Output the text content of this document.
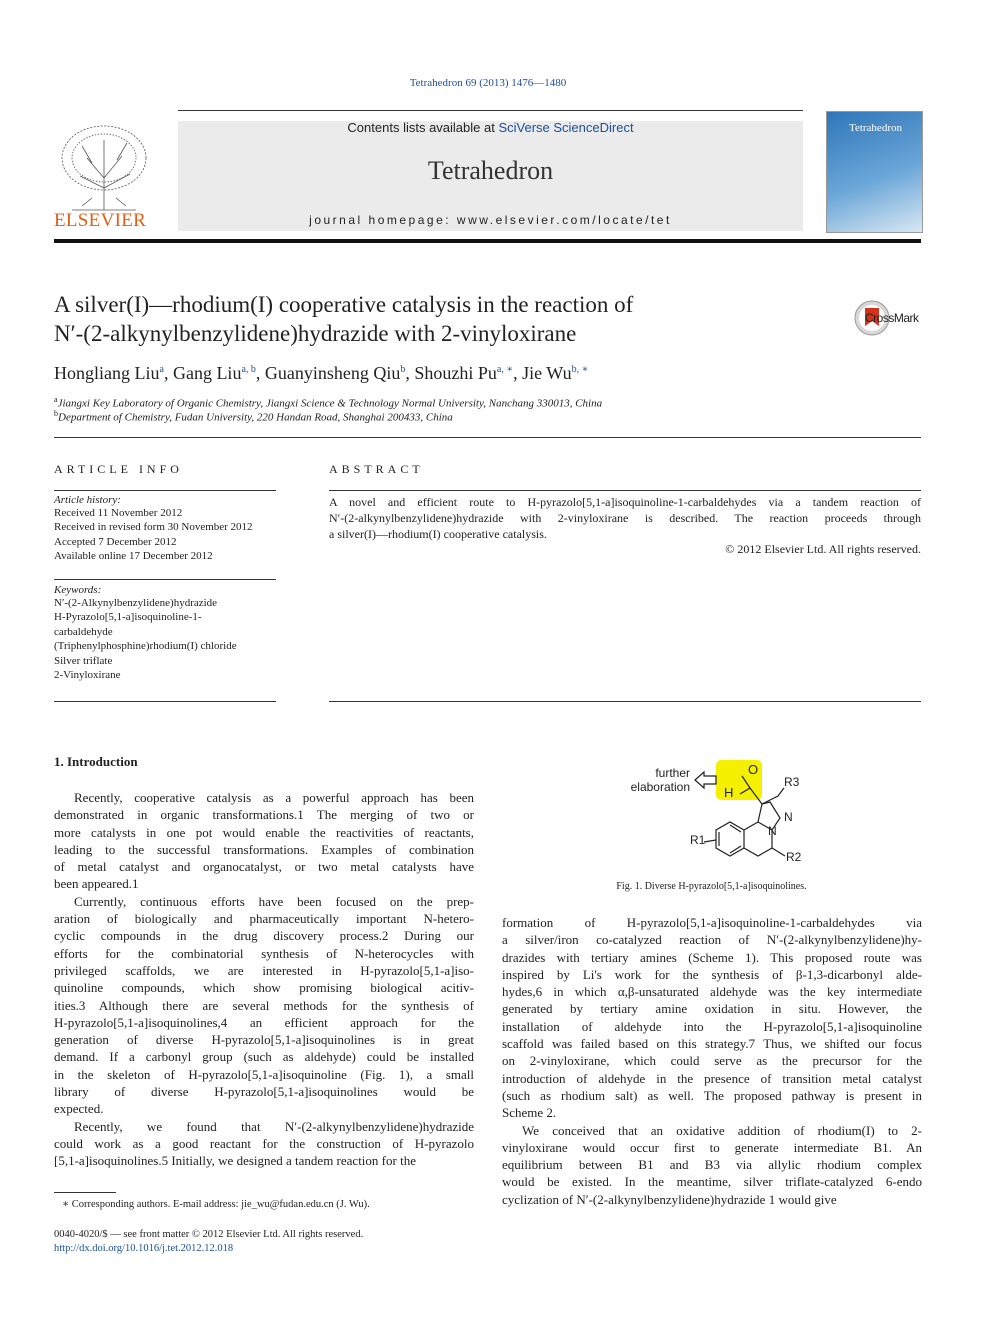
Tetrahedron 69 (2013) 1476—1480
ELSEVIER
Contents lists available at SciVerse ScienceDirect
Tetrahedron
journal homepage: www.elsevier.com/locate/tet
Tetrahedron
A silver(I)—rhodium(I) cooperative catalysis in the reaction of
N′-(2-alkynylbenzylidene)hydrazide with 2-vinyloxirane
CrossMark
Hongliang Liu$^a$, Gang Liu$^{a, b}$, Guanyinsheng Qiu$^b$, Shouzhi $Pu^{a, ∗}$, Jie $Wu^{b, ∗}$
$^a$Jiangxi Key Laboratory of Organic Chemistry, Jiangxi Science & Technology Normal University, Nanchang 330013, China
$^b$Department of Chemistry, Fudan University, 220 Handan Road, Shanghai 200433, China
ARTICLE INFO	ABSTRACT
Article history:
Received 11 November 2012
Received in revised form 30 November 2012
Accepted 7 December 2012
Available online 17 December 2012
Keywords:
N′-(2-Alkynylbenzylidene)hydrazide
H-Pyrazolo[5,1-a]isoquinoline-1-
carbaldehyde
(Triphenylphosphine)rhodium(I) chloride
Silver triflate
2-Vinyloxirane
A novel and efficient route to H-pyrazolo[5,1-a]isoquinoline-1-carbaldehydes via a tandem reaction of
N′-(2-alkynylbenzylidene)hydrazide with 2-vinyloxirane is described. The reaction proceeds through
a silver(I)—rhodium(I) cooperative catalysis.
© 2012 Elsevier Ltd. All rights reserved.
1. Introduction
Recently, cooperative catalysis as a powerful approach has been
demonstrated in organic transformations.1 The merging of two or
more catalysts in one pot would enable the reactivities of reactants,
leading to the successful transformations. Examples of combination
of metal catalyst and organocatalyst, or two metal catalysts have
been appeared.1
Currently, continuous efforts have been focused on the prep-
aration of biologically and pharmaceutically important N-hetero-
cyclic compounds in the drug discovery process.2 During our
efforts for the combinatorial synthesis of N-heterocycles with
privileged scaffolds, we are interested in H-pyrazolo[5,1-a]iso-
quinoline compounds, which show promising biological acitiv-
ities.3 Although there are several methods for the synthesis of
H-pyrazolo[5,1-a]isoquinolines,4 an efficient approach for the
generation of diverse H-pyrazolo[5,1-a]isoquinolines is in great
demand. If a carbonyl group (such as aldehyde) could be installed
in the skeleton of H-pyrazolo[5,1-a]isoquinoline (Fig. 1), a small
library of diverse H-pyrazolo[5,1-a]isoquinolines would be
expected.
Recently, we found that N′-(2-alkynylbenzylidene)hydrazide
could work as a good reactant for the construction of H-pyrazolo
[5,1-a]isoquinolines.5 Initially, we designed a tandem reaction for the
further
elaboration
O
H
R3
N
N
R1
R2
Fig. 1. Diverse H-pyrazolo[5,1-a]isoquinolines.
formation of H-pyrazolo[5,1-a]isoquinoline-1-carbaldehydes via
a silver/iron co-catalyzed reaction of N′-(2-alkynylbenzylidene)hy-
drazides with tertiary amines (Scheme 1). This proposed route was
inspired by Li's work for the synthesis of β-1,3-dicarbonyl alde-
hydes,6 in which α,β-unsaturated aldehyde was the key intermediate
generated by tertiary amine oxidation in situ. However, the
installation of aldehyde into the H-pyrazolo[5,1-a]isoquinoline
scaffold was failed based on this strategy.7 Thus, we shifted our focus
on 2-vinyloxirane, which could serve as the precursor for the
introduction of aldehyde in the presence of transition metal catalyst
(such as rhodium salt) as well. The proposed pathway is present in
Scheme 2.
We conceived that an oxidative addition of rhodium(I) to 2-
vinyloxirane would occur first to generate intermediate B1. An
equilibrium between B1 and B3 via allylic rhodium complex
would be existed. In the meantime, silver triflate-catalyzed 6-endo
cyclization of N′-(2-alkynylbenzylidene)hydrazide 1 would give
∗ Corresponding authors. E-mail address: jie_wu@fudan.edu.cn (J. Wu).
0040-4020/$ — see front matter © 2012 Elsevier Ltd. All rights reserved.
http://dx.doi.org/10.1016/j.tet.2012.12.018
